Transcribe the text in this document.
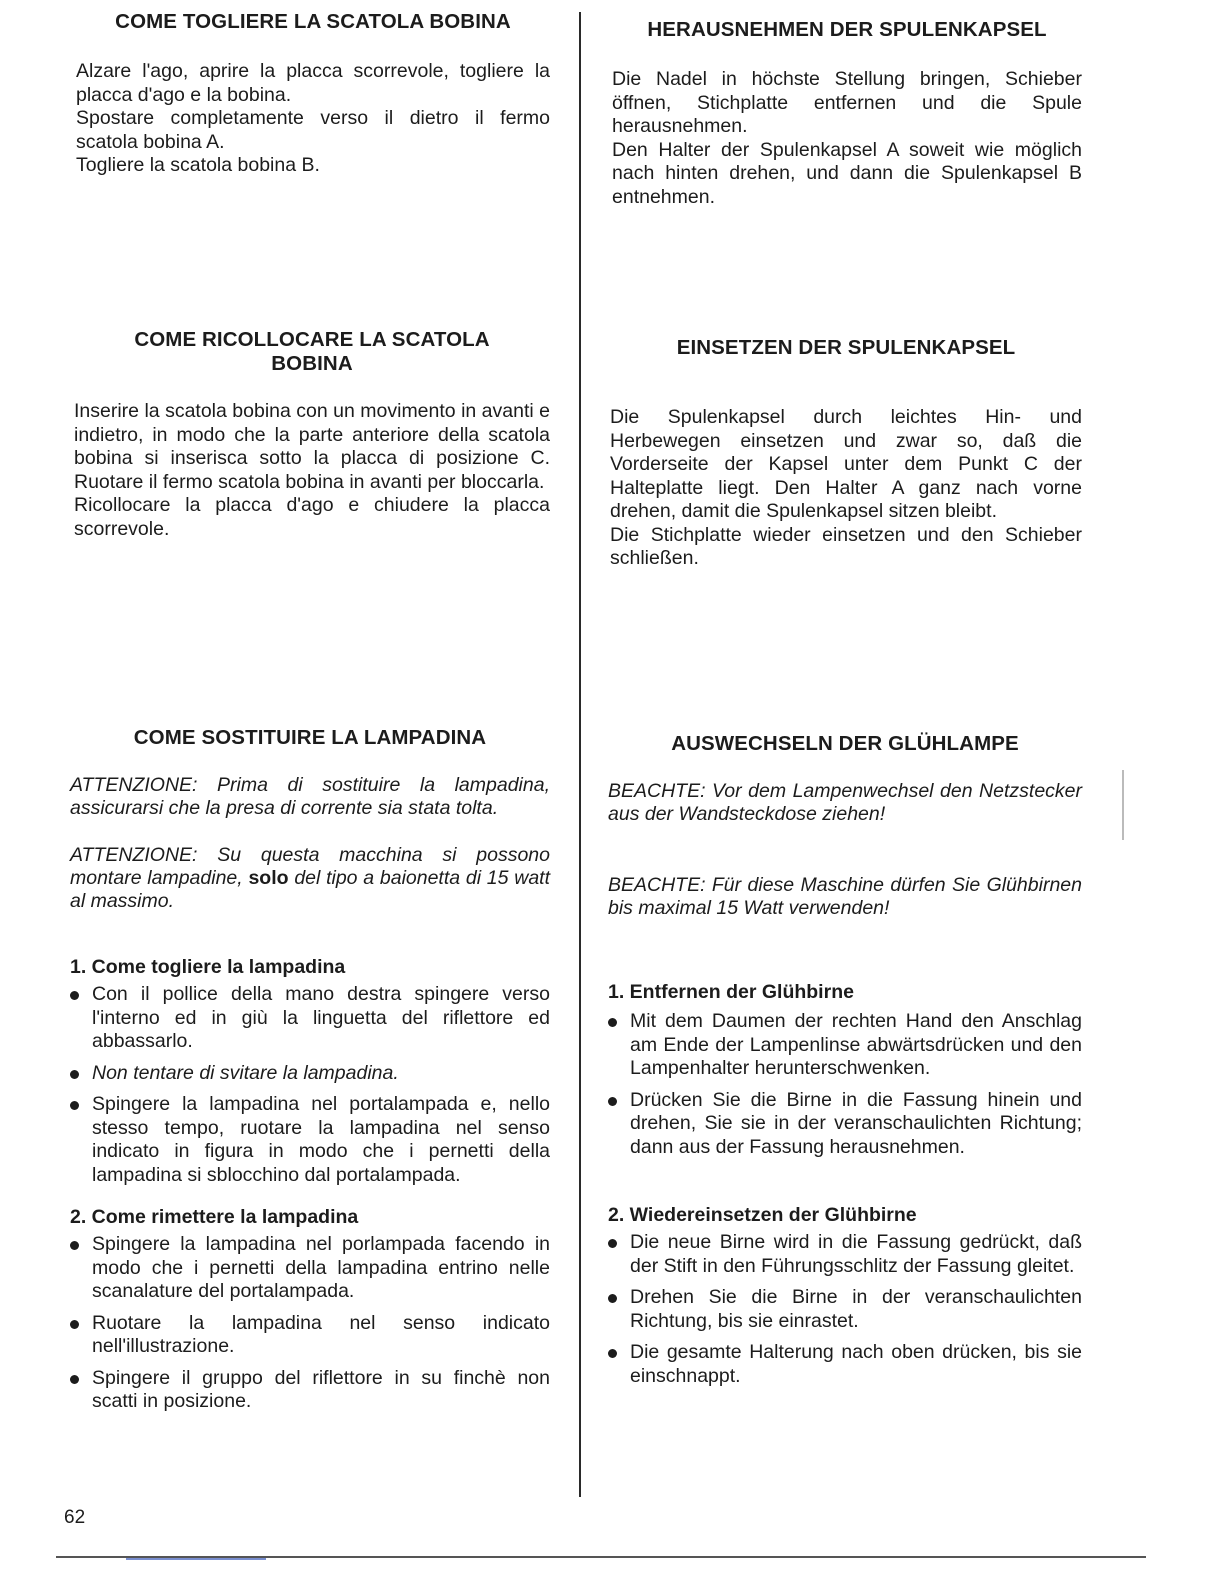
COME TOGLIERE LA SCATOLA BOBINA

Alzare l'ago, aprire la placca scorrevole, togliere la placca d'ago e la bobina.
Spostare completamente verso il dietro il fermo scatola bobina A.
Togliere la scatola bobina B.

COME RICOLLOCARE LA SCATOLA BOBINA

Inserire la scatola bobina con un movimento in avanti e indietro, in modo che la parte anteriore della scatola bobina si inserisca sotto la placca di posizione C. Ruotare il fermo scatola bobina in avanti per bloccarla.
Ricollocare la placca d'ago e chiudere la placca scorrevole.

COME SOSTITUIRE LA LAMPADINA

ATTENZIONE: Prima di sostituire la lampadina, assicurarsi che la presa di corrente sia stata tolta.

ATTENZIONE: Su questa macchina si possono montare lampadine, solo del tipo a baionetta di 15 watt al massimo.

1. Come togliere la lampadina
Con il pollice della mano destra spingere verso l'interno ed in giù la linguetta del riflettore ed abbassarlo.
Non tentare di svitare la lampadina.
Spingere la lampadina nel portalampada e, nello stesso tempo, ruotare la lampadina nel senso indicato in figura in modo che i pernetti della lampadina si sblocchino dal portalampada.
2. Come rimettere la lampadina
Spingere la lampadina nel porlampada facendo in modo che i pernetti della lampadina entrino nelle scanalature del portalampada.
Ruotare la lampadina nel senso indicato nell'illustrazione.
Spingere il gruppo del riflettore in su finchè non scatti in posizione.
HERAUSNEHMEN DER SPULENKAPSEL

Die Nadel in höchste Stellung bringen, Schieber öffnen, Stichplatte entfernen und die Spule herausnehmen.
Den Halter der Spulenkapsel A soweit wie möglich nach hinten drehen, und dann die Spulenkapsel B entnehmen.

EINSETZEN DER SPULENKAPSEL

Die Spulenkapsel durch leichtes Hin- und Herbewegen einsetzen und zwar so, daß die Vorderseite der Kapsel unter dem Punkt C der Halteplatte liegt. Den Halter A ganz nach vorne drehen, damit die Spulenkapsel sitzen bleibt.
Die Stichplatte wieder einsetzen und den Schieber schließen.

AUSWECHSELN DER GLÜHLAMPE

BEACHTE: Vor dem Lampenwechsel den Netzstecker aus der Wandsteckdose ziehen!

BEACHTE: Für diese Maschine dürfen Sie Glühbirnen bis maximal 15 Watt verwenden!

1. Entfernen der Glühbirne
Mit dem Daumen der rechten Hand den Anschlag am Ende der Lampenlinse abwärtsdrücken und den Lampenhalter herunterschwenken.
Drücken Sie die Birne in die Fassung hinein und drehen, Sie sie in der veranschaulichten Richtung; dann aus der Fassung herausnehmen.
2. Wiedereinsetzen der Glühbirne
Die neue Birne wird in die Fassung gedrückt, daß der Stift in den Führungsschlitz der Fassung gleitet.
Drehen Sie die Birne in der veranschaulichten Richtung, bis sie einrastet.
Die gesamte Halterung nach oben drücken, bis sie einschnappt.
62
